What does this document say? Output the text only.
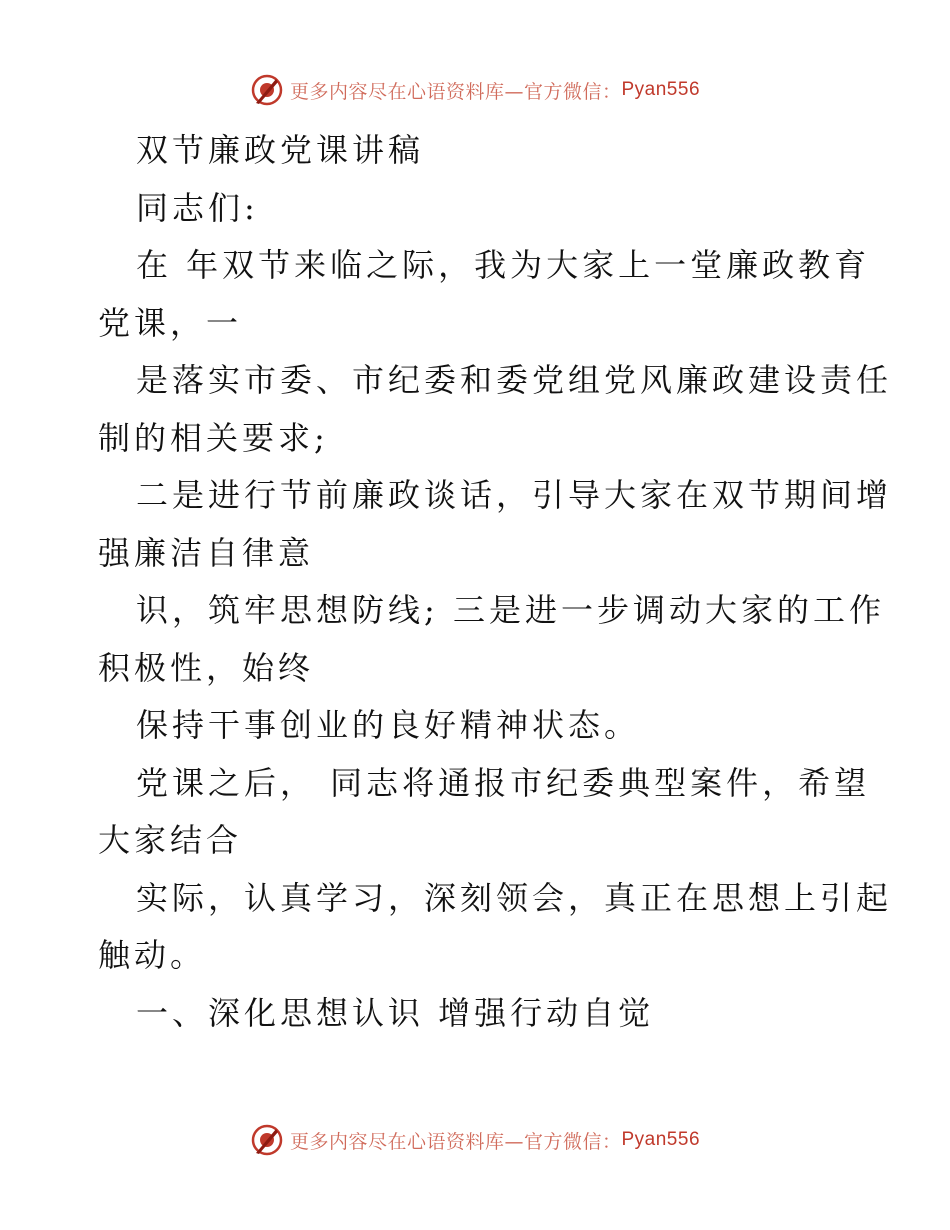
更多内容尽在心语资料库—官方微信： Pyan556

双节廉政党课讲稿

同志们:

在 年双节来临之际，我为大家上一堂廉政教育

党课，一

是落实市委、市纪委和委党组党风廉政建设责任

制的相关要求;

二是进行节前廉政谈话，引导大家在双节期间增

强廉洁自律意

识，筑牢思想防线; 三是进一步调动大家的工作

积极性，始终

保持干事创业的良好精神状态。

党课之后， 同志将通报市纪委典型案件，希望

大家结合

实际，认真学习，深刻领会，真正在思想上引起

触动。

一、深化思想认识 增强行动自觉

更多内容尽在心语资料库—官方微信： Pyan556
